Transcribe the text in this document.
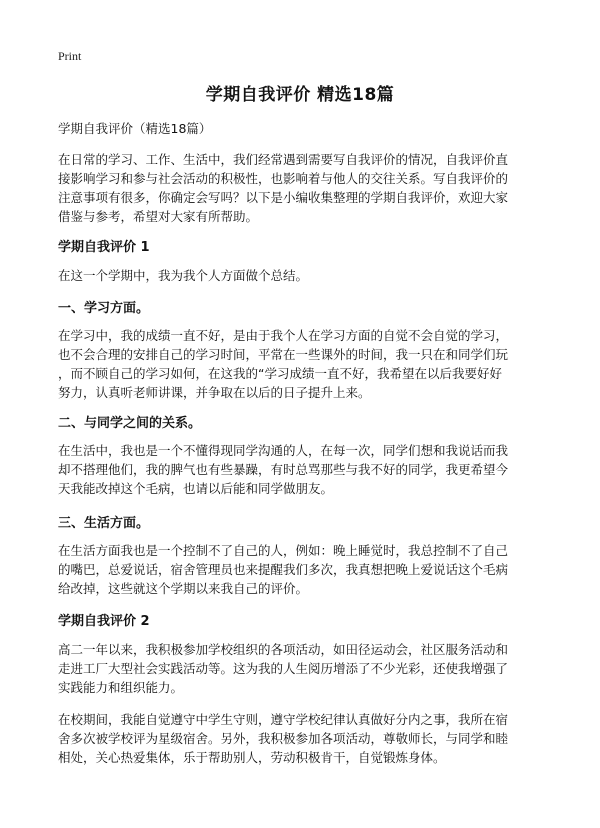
Print
学期自我评价 精选18篇
学期自我评价（精选18篇）
在日常的学习、工作、生活中，我们经常遇到需要写自我评价的情况，自我评价直
接影响学习和参与社会活动的积极性，也影响着与他人的交往关系。写自我评价的
注意事项有很多，你确定会写吗？以下是小编收集整理的学期自我评价，欢迎大家
借鉴与参考，希望对大家有所帮助。
学期自我评价 1
在这一个学期中，我为我个人方面做个总结。
一、学习方面。
在学习中，我的成绩一直不好，是由于我个人在学习方面的自觉不会自觉的学习，
也不会合理的安排自己的学习时间，平常在一些课外的时间，我一只在和同学们玩
，而不顾自己的学习如何，在这我的“学习成绩一直不好，我希望在以后我要好好
努力，认真听老师讲课，并争取在以后的日子提升上来。
二、与同学之间的关系。
在生活中，我也是一个不懂得现同学沟通的人，在每一次，同学们想和我说话而我
却不搭理他们，我的脾气也有些暴躁，有时总骂那些与我不好的同学，我更希望今
天我能改掉这个毛病，也请以后能和同学做朋友。
三、生活方面。
在生活方面我也是一个控制不了自己的人，例如：晚上睡觉时，我总控制不了自己
的嘴巴，总爱说话，宿舍管理员也来提醒我们多次，我真想把晚上爱说话这个毛病
给改掉，这些就这个学期以来我自己的评价。
学期自我评价 2
高二一年以来，我积极参加学校组织的各项活动，如田径运动会，社区服务活动和
走进工厂大型社会实践活动等。这为我的人生阅历增添了不少光彩，还使我增强了
实践能力和组织能力。
在校期间，我能自觉遵守中学生守则，遵守学校纪律认真做好分内之事，我所在宿
舍多次被学校评为星级宿舍。另外，我积极参加各项活动，尊敬师长，与同学和睦
相处，关心热爱集体，乐于帮助别人，劳动积极肯干，自觉锻炼身体。
